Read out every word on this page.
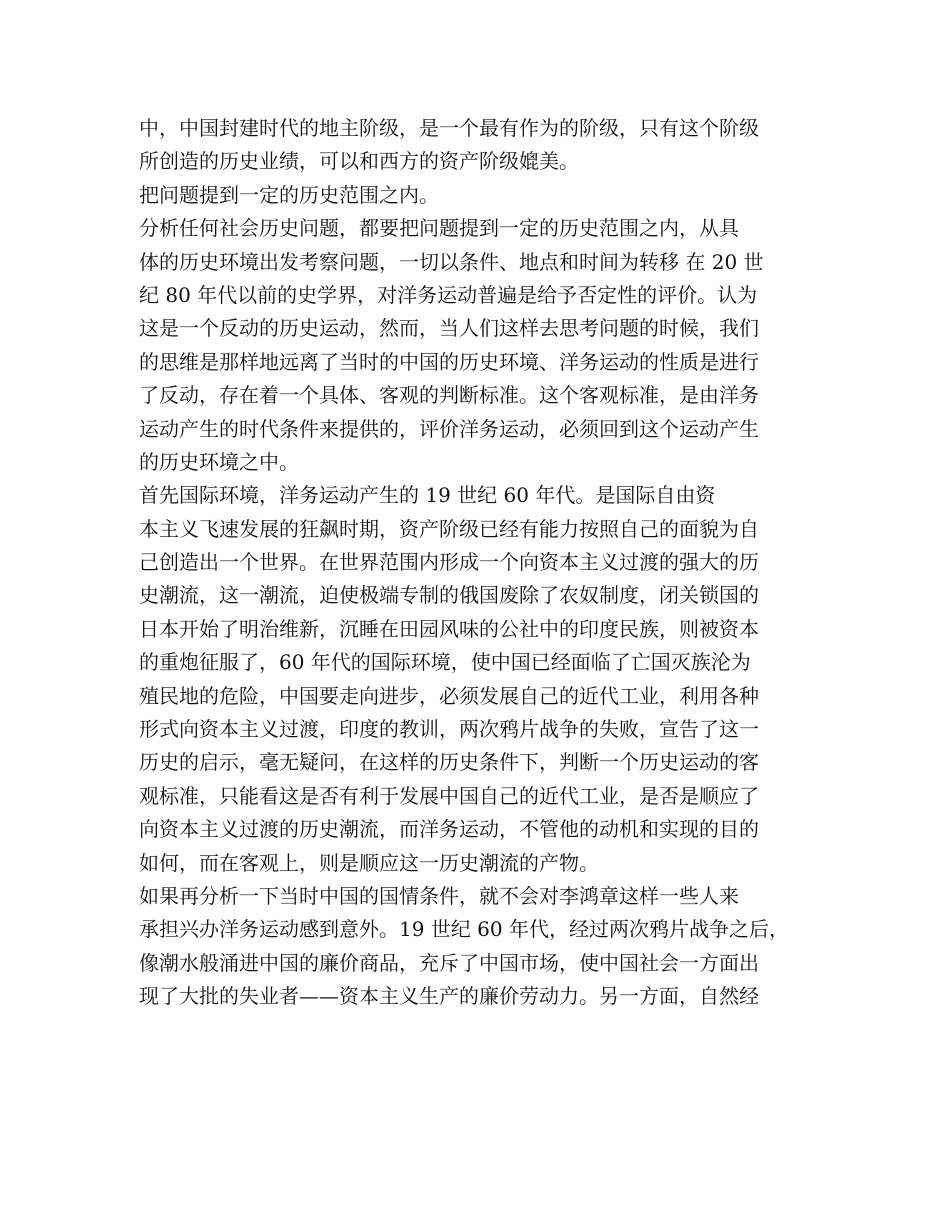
中，中国封建时代的地主阶级，是一个最有作为的阶级，只有这个阶级
所创造的历史业绩，可以和西方的资产阶级媲美。
把问题提到一定的历史范围之内。
分析任何社会历史问题，都要把问题提到一定的历史范围之内，从具
体的历史环境出发考察问题，一切以条件、地点和时间为转移 在 20 世
纪 80 年代以前的史学界，对洋务运动普遍是给予否定性的评价。认为
这是一个反动的历史运动，然而，当人们这样去思考问题的时候，我们
的思维是那样地远离了当时的中国的历史环境、洋务运动的性质是进行
了反动，存在着一个具体、客观的判断标准。这个客观标准，是由洋务
运动产生的时代条件来提供的，评价洋务运动，必须回到这个运动产生
的历史环境之中。
首先国际环境，洋务运动产生的 19 世纪 60 年代。是国际自由资
本主义飞速发展的狂飙时期，资产阶级已经有能力按照自己的面貌为自
己创造出一个世界。在世界范围内形成一个向资本主义过渡的强大的历
史潮流，这一潮流，迫使极端专制的俄国废除了农奴制度，闭关锁国的
日本开始了明治维新，沉睡在田园风味的公社中的印度民族，则被资本
的重炮征服了，60 年代的国际环境，使中国已经面临了亡国灭族沦为
殖民地的危险，中国要走向进步，必须发展自己的近代工业，利用各种
形式向资本主义过渡，印度的教训，两次鸦片战争的失败，宣告了这一
历史的启示，毫无疑问，在这样的历史条件下，判断一个历史运动的客
观标准，只能看这是否有利于发展中国自己的近代工业，是否是顺应了
向资本主义过渡的历史潮流，而洋务运动，不管他的动机和实现的目的
如何，而在客观上，则是顺应这一历史潮流的产物。
如果再分析一下当时中国的国情条件，就不会对李鸿章这样一些人来
承担兴办洋务运动感到意外。19 世纪 60 年代，经过两次鸦片战争之后，
像潮水般涌进中国的廉价商品，充斥了中国市场，使中国社会一方面出
现了大批的失业者——资本主义生产的廉价劳动力。另一方面，自然经
